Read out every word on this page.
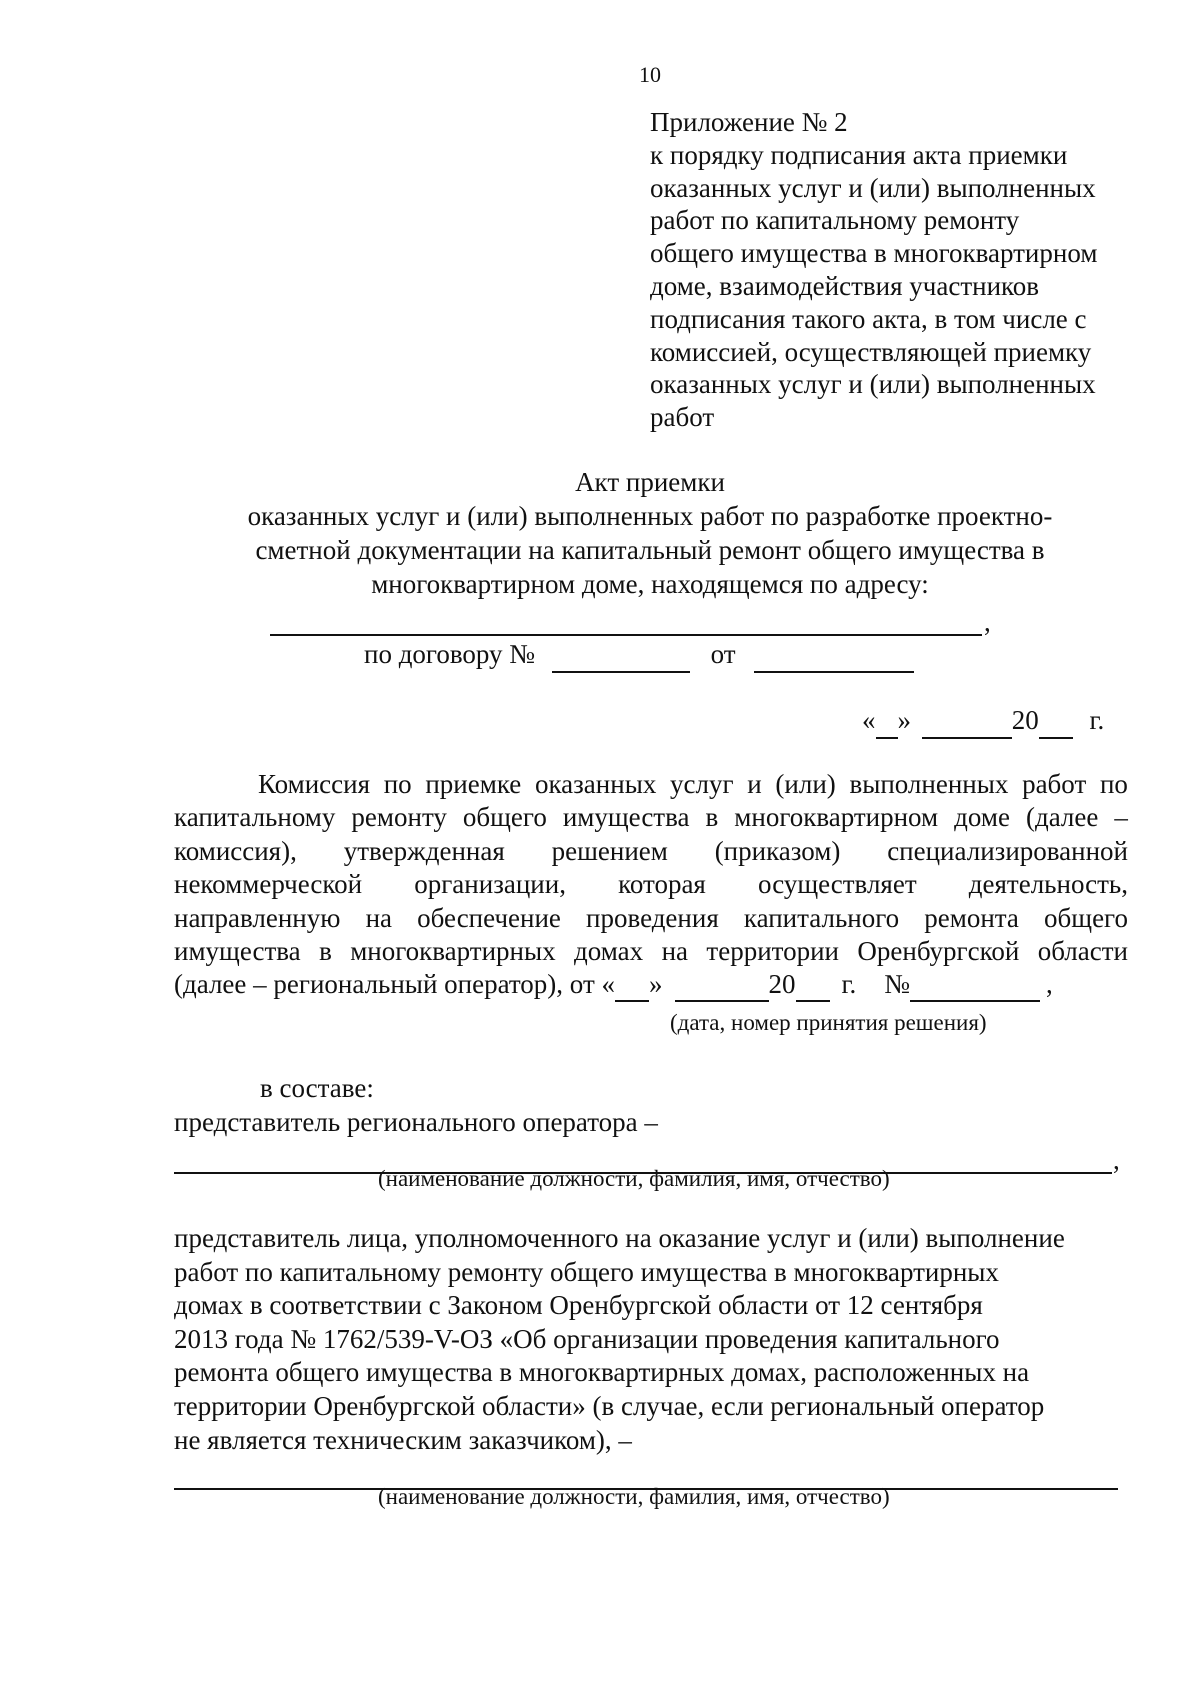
10
Приложение № 2
к порядку подписания акта приемки
оказанных услуг и (или) выполненных
работ по капитальному ремонту
общего имущества в многоквартирном
доме, взаимодействия участников
подписания такого акта, в том числе с
комиссией, осуществляющей приемку
оказанных услуг и (или) выполненных
работ
Акт приемки
оказанных услуг и (или) выполненных работ по разработке проектно-
сметной документации на капитальный ремонт общего имущества в
многоквартирном доме, находящемся по адресу:
,
по договору №	от
« »	20 г.
Комиссия по приемке оказанных услуг и (или) выполненных работ по
капитальному ремонту общего имущества в многоквартирном доме (далее –
комиссия), утвержденная решением (приказом) специализированной
некоммерческой организации, которая осуществляет деятельность,
направленную на обеспечение проведения капитального ремонта общего
имущества в многоквартирных домах на территории Оренбургской области
(далее – региональный оператор), от « »	20 г. №	,
(дата, номер принятия решения)
в составе:
представитель регионального оператора –
,
(наименование должности, фамилия, имя, отчество)
представитель лица, уполномоченного на оказание услуг и (или) выполнение
работ по капитальному ремонту общего имущества в многоквартирных
домах в соответствии с Законом Оренбургской области от 12 сентября
2013 года № 1762/539-V-ОЗ «Об организации проведения капитального
ремонта общего имущества в многоквартирных домах, расположенных на
территории Оренбургской области» (в случае, если региональный оператор
не является техническим заказчиком), –
(наименование должности, фамилия, имя, отчество)
